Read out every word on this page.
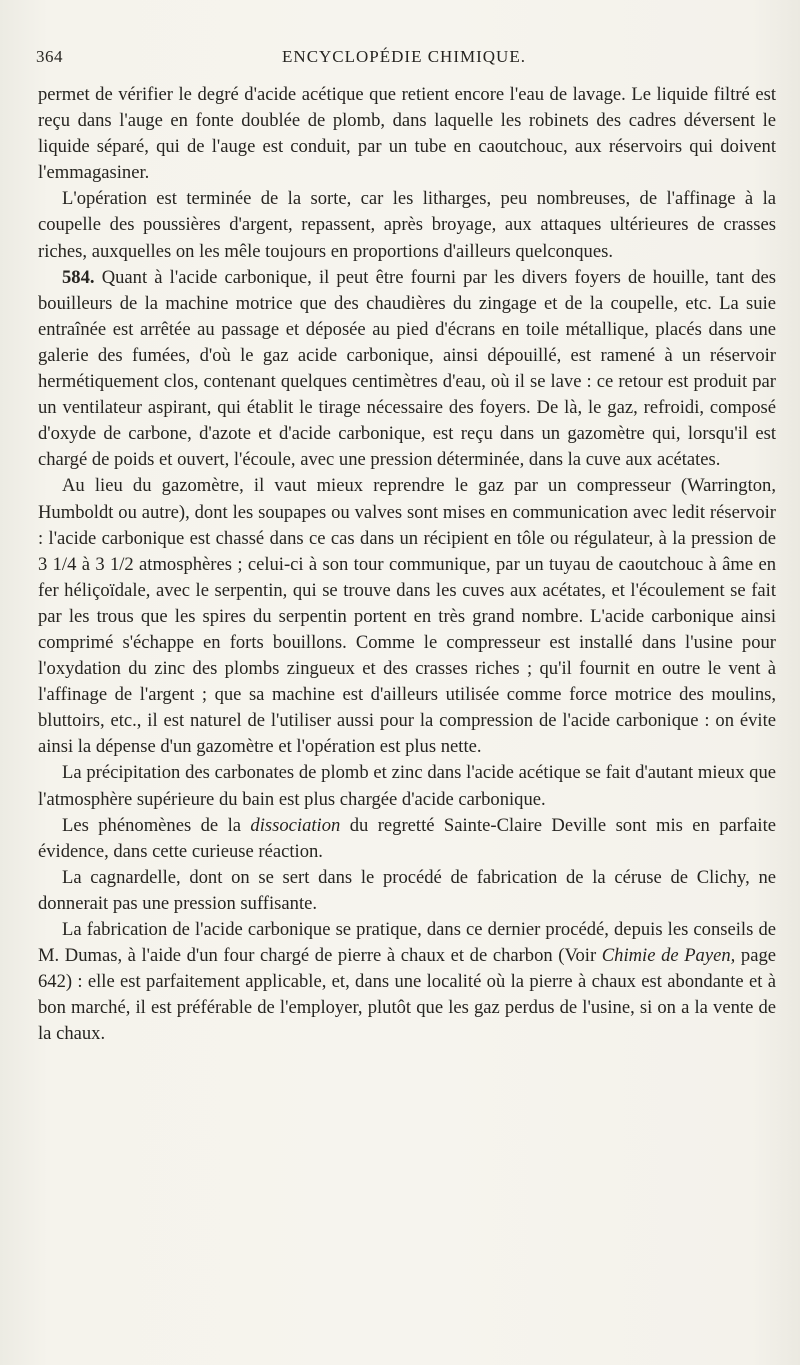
364	ENCYCLOPÉDIE CHIMIQUE.

permet de vérifier le degré d'acide acétique que retient encore l'eau de lavage. Le liquide filtré est reçu dans l'auge en fonte doublée de plomb, dans laquelle les robinets des cadres déversent le liquide séparé, qui de l'auge est conduit, par un tube en caoutchouc, aux réservoirs qui doivent l'emmagasiner.

L'opération est terminée de la sorte, car les litharges, peu nombreuses, de l'affinage à la coupelle des poussières d'argent, repassent, après broyage, aux attaques ultérieures de crasses riches, auxquelles on les mêle toujours en proportions d'ailleurs quelconques.

584. Quant à l'acide carbonique, il peut être fourni par les divers foyers de houille, tant des bouilleurs de la machine motrice que des chaudières du zingage et de la coupelle, etc. La suie entraînée est arrêtée au passage et déposée au pied d'écrans en toile métallique, placés dans une galerie des fumées, d'où le gaz acide carbonique, ainsi dépouillé, est ramené à un réservoir hermétiquement clos, contenant quelques centimètres d'eau, où il se lave : ce retour est produit par un ventilateur aspirant, qui établit le tirage nécessaire des foyers. De là, le gaz, refroidi, composé d'oxyde de carbone, d'azote et d'acide carbonique, est reçu dans un gazomètre qui, lorsqu'il est chargé de poids et ouvert, l'écoule, avec une pression déterminée, dans la cuve aux acétates.

Au lieu du gazomètre, il vaut mieux reprendre le gaz par un compresseur (Warrington, Humboldt ou autre), dont les soupapes ou valves sont mises en communication avec ledit réservoir : l'acide carbonique est chassé dans ce cas dans un récipient en tôle ou régulateur, à la pression de 3 1/4 à 3 1/2 atmosphères ; celui-ci à son tour communique, par un tuyau de caoutchouc à âme en fer héliçoïdale, avec le serpentin, qui se trouve dans les cuves aux acétates, et l'écoulement se fait par les trous que les spires du serpentin portent en très grand nombre. L'acide carbonique ainsi comprimé s'échappe en forts bouillons. Comme le compresseur est installé dans l'usine pour l'oxydation du zinc des plombs zingueux et des crasses riches ; qu'il fournit en outre le vent à l'affinage de l'argent ; que sa machine est d'ailleurs utilisée comme force motrice des moulins, bluttoirs, etc., il est naturel de l'utiliser aussi pour la compression de l'acide carbonique : on évite ainsi la dépense d'un gazomètre et l'opération est plus nette.

La précipitation des carbonates de plomb et zinc dans l'acide acétique se fait d'autant mieux que l'atmosphère supérieure du bain est plus chargée d'acide carbonique.

Les phénomènes de la dissociation du regretté Sainte-Claire Deville sont mis en parfaite évidence, dans cette curieuse réaction.

La cagnardelle, dont on se sert dans le procédé de fabrication de la céruse de Clichy, ne donnerait pas une pression suffisante.

La fabrication de l'acide carbonique se pratique, dans ce dernier procédé, depuis les conseils de M. Dumas, à l'aide d'un four chargé de pierre à chaux et de charbon (Voir Chimie de Payen, page 642) : elle est parfaitement applicable, et, dans une localité où la pierre à chaux est abondante et à bon marché, il est préférable de l'employer, plutôt que les gaz perdus de l'usine, si on a la vente de la chaux.
